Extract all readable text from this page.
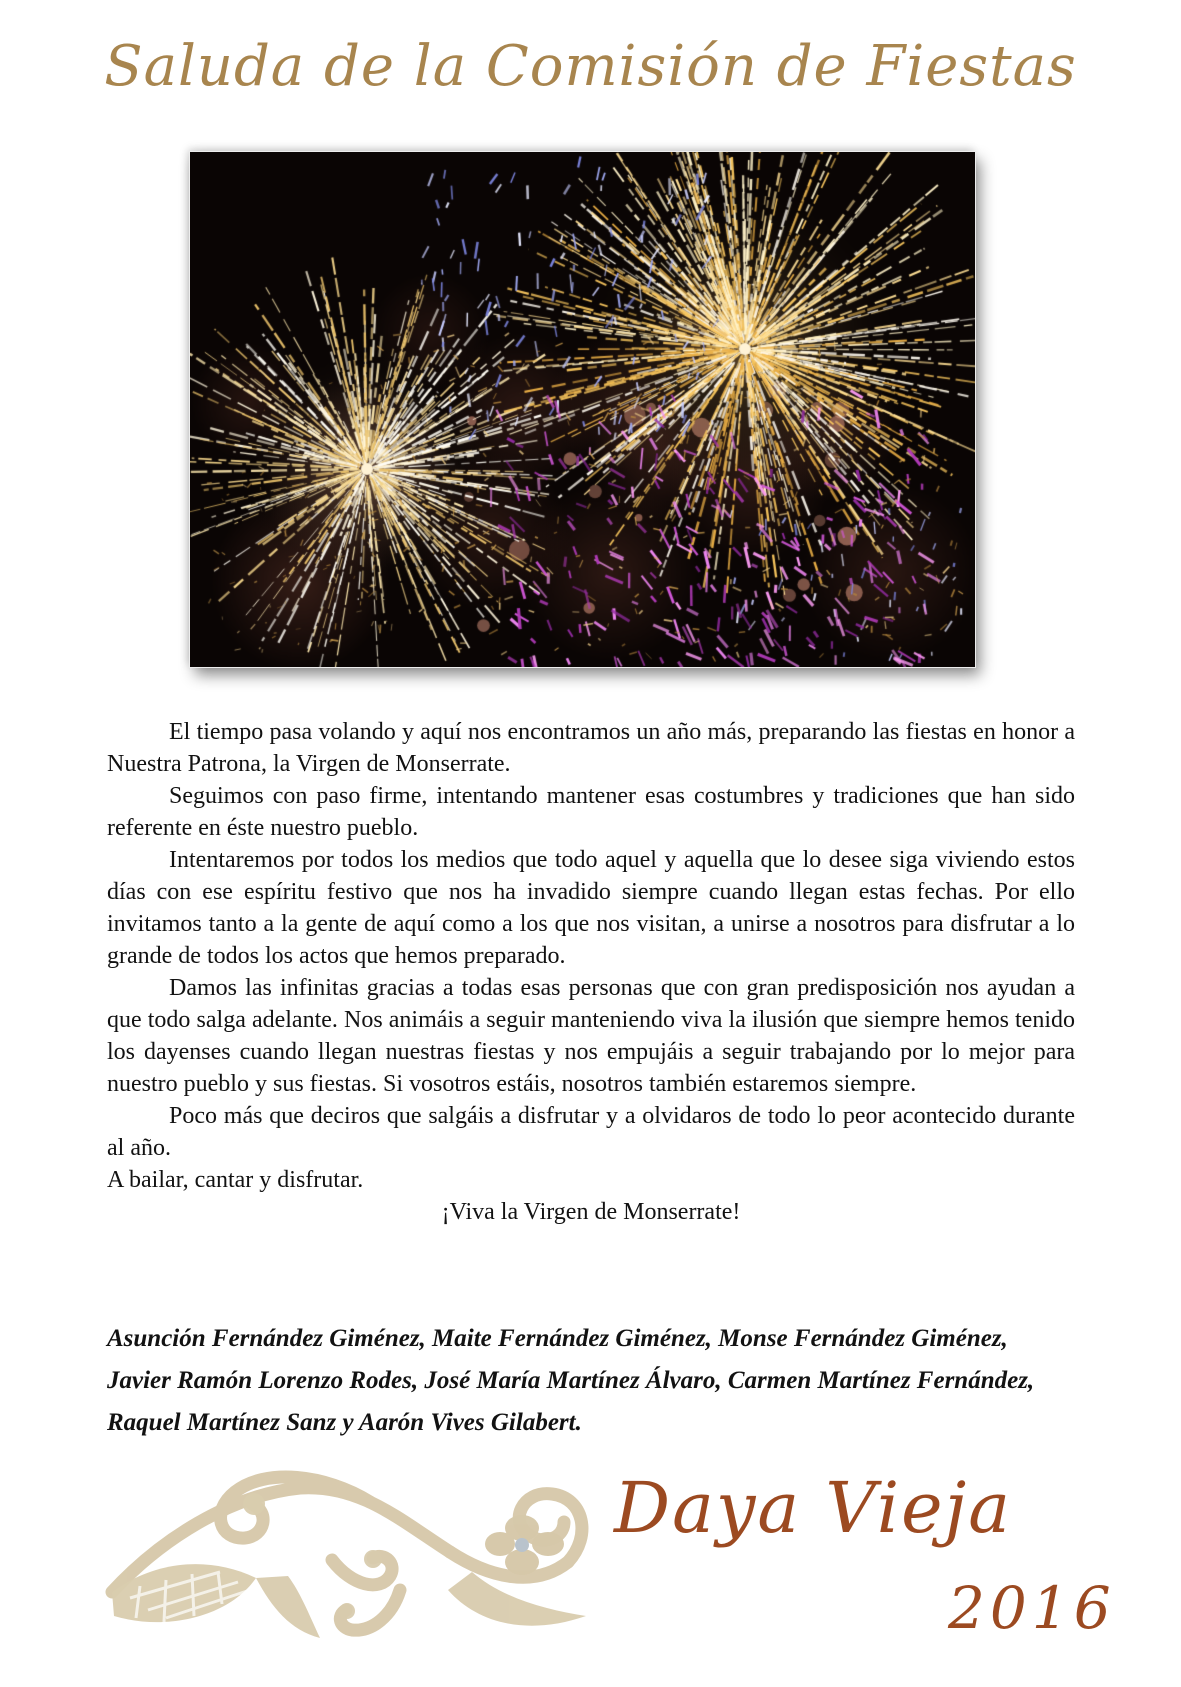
Saluda de la Comisión de Fiestas

El tiempo pasa volando y aquí nos encontramos un año más, preparando las fiestas en honor a Nuestra Patrona, la Virgen de Monserrate.

Seguimos con paso firme, intentando mantener esas costumbres y tradiciones que han sido referente en éste nuestro pueblo.

Intentaremos por todos los medios que todo aquel y aquella que lo desee siga viviendo estos días con ese espíritu festivo que nos ha invadido siempre cuando llegan estas fechas. Por ello invitamos tanto a la gente de aquí como a los que nos visitan, a unirse a nosotros para disfrutar a lo grande de todos los actos que hemos preparado.

Damos las infinitas gracias a todas esas personas que con gran predisposición nos ayudan a que todo salga adelante. Nos animáis a seguir manteniendo viva la ilusión que siempre hemos tenido los dayenses cuando llegan nuestras fiestas y nos empujáis a seguir trabajando por lo mejor para nuestro pueblo y sus fiestas. Si vosotros estáis, nosotros también estaremos siempre.

Poco más que deciros que salgáis a disfrutar y a olvidaros de todo lo peor acontecido durante al año.

A bailar, cantar y disfrutar.

¡Viva la Virgen de Monserrate!

Asunción Fernández Giménez, Maite Fernández Giménez, Monse Fernández Giménez,
Javier Ramón Lorenzo Rodes, José María Martínez Álvaro, Carmen Martínez Fernández,
Raquel Martínez Sanz y Aarón Vives Gilabert.
Daya Vieja
2016
